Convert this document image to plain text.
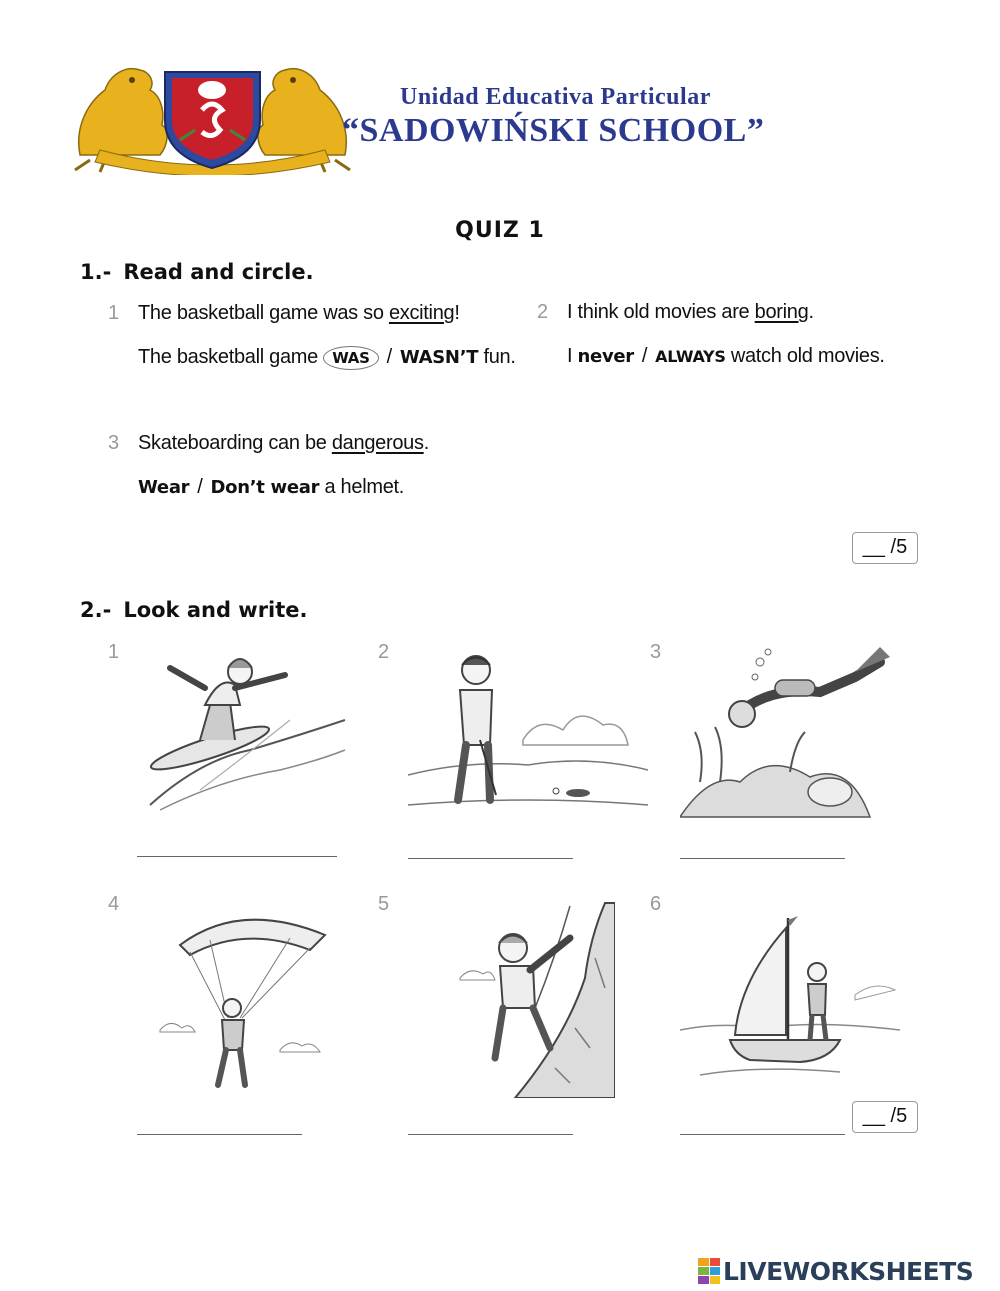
Unidad Educativa Particular
“SADOWIŃSKI SCHOOL”
QUIZ 1
1.- Read and circle.
1 The basketball game was so exciting!
The basketball game WAS / WASN’T fun.
2 I think old movies are boring.
I never / ALWAYS watch old movies.
3 Skateboarding can be dangerous.
Wear / Don’t wear a helmet.
__ /5
2.- Look and write.
1	2	3
4	5	6
__ /5
LIVEWORKSHEETS
